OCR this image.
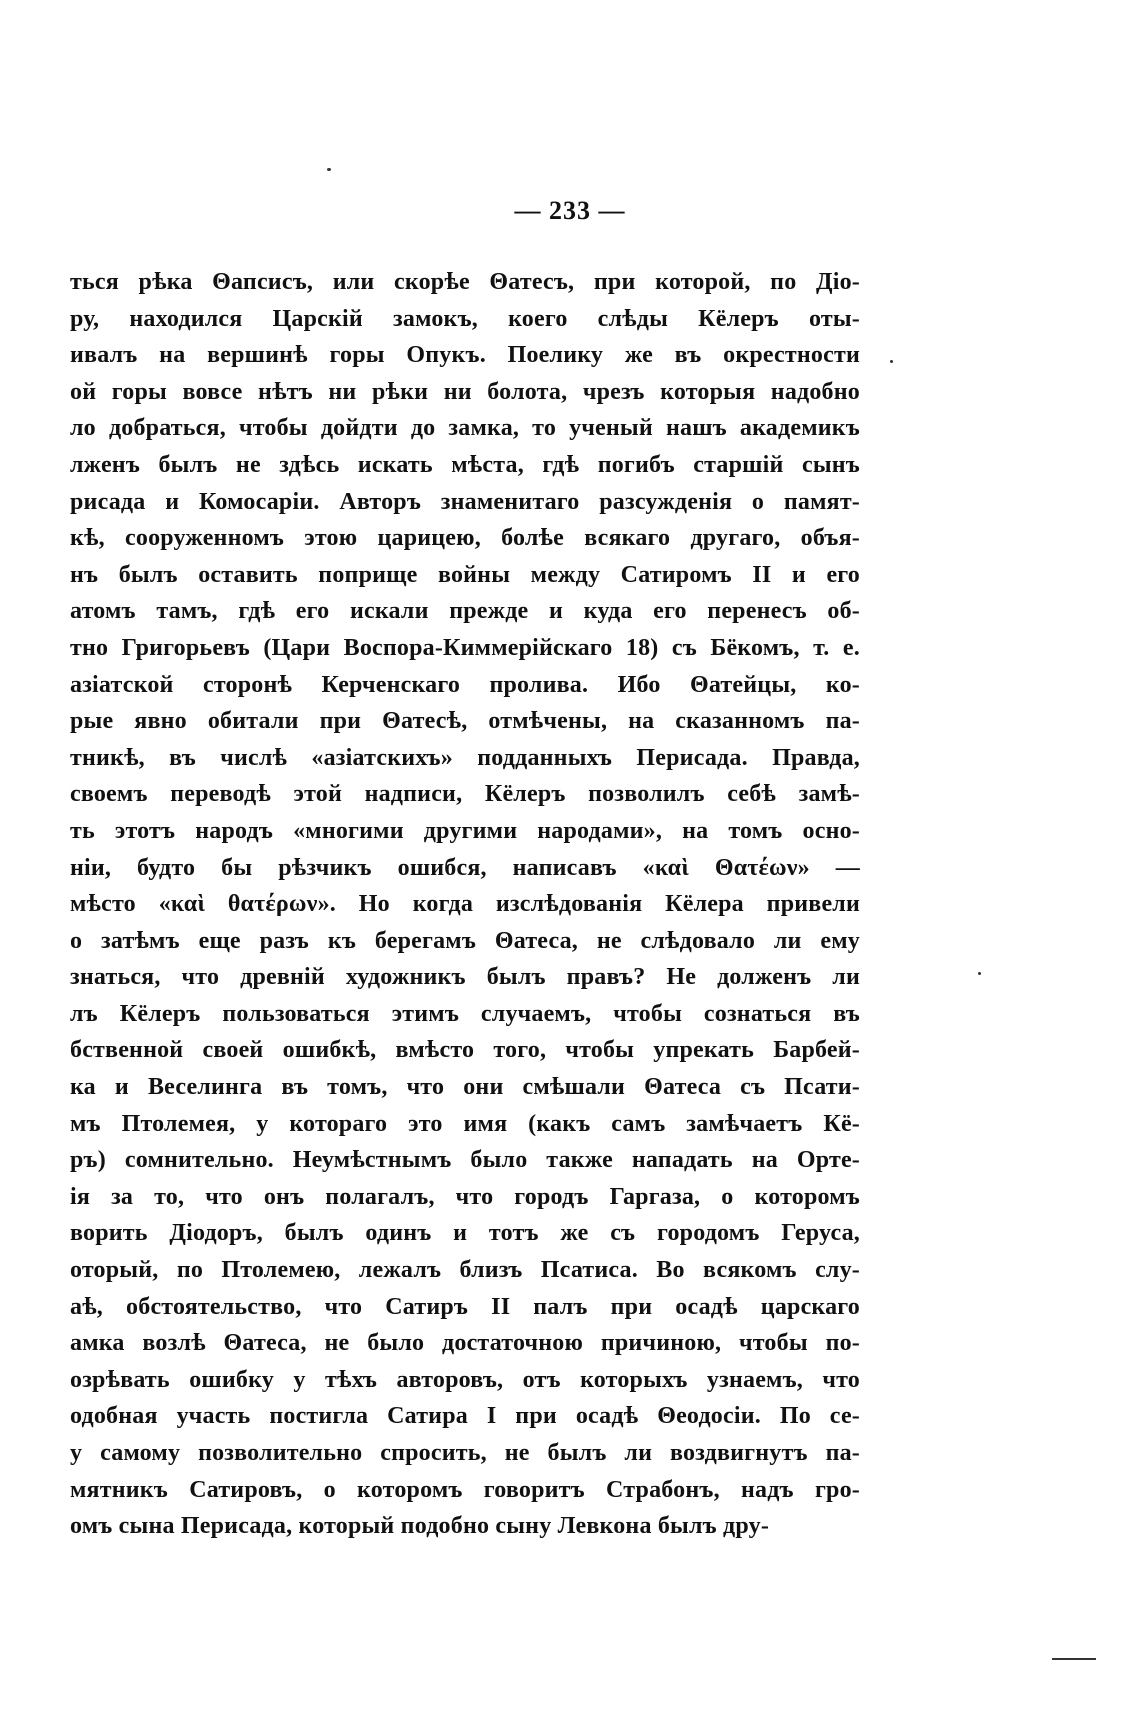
— 233 —
ться рѣка Θапсисъ, или скорѣе Θатесъ, при которой, по Діо-
ру, находился Царскій замокъ, коего слѣды Кёлеръ оты-
ивалъ на вершинѣ горы Опукъ. Поелику же въ окрестности
ой горы вовсе нѣтъ ни рѣки ни болота, чрезъ которыя надобно
ло добраться, чтобы дойдти до замка, то ученый нашъ академикъ
лженъ былъ не здѣсь искать мѣста, гдѣ погибъ старшій сынъ
рисада и Комосаріи. Авторъ знаменитаго разсужденія о памят-
кѣ, сооруженномъ этою царицею, болѣе всякаго другаго, объя-
нъ былъ оставить поприще войны между Сатиромъ II и его
атомъ тамъ, гдѣ его искали прежде и куда его перенесъ об-
тно Григорьевъ (Цари Воспора-Киммерійскаго 18) съ Бёкомъ, т. е.
азіатской сторонѣ Керченскаго пролива. Ибо Θатейцы, ко-
рые явно обитали при Θатесѣ, отмѣчены, на сказанномъ па-
тникѣ, въ числѣ «азіатскихъ» подданныхъ Перисада. Правда,
своемъ переводѣ этой надписи, Кёлеръ позволилъ себѣ замѣ-
ть этотъ народъ «многими другими народами», на томъ осно-
ніи, будто бы рѣзчикъ ошибся, написавъ «καὶ Θατέων» —
мѣсто «καὶ θατέρων». Но когда изслѣдованія Кёлера привели
о затѣмъ еще разъ къ берегамъ Θатеса, не слѣдовало ли ему
знаться, что древній художникъ былъ правъ? Не долженъ ли
лъ Кёлеръ пользоваться этимъ случаемъ, чтобы сознаться въ
бственной своей ошибкѣ, вмѣсто того, чтобы упрекать Барбей-
ка и Веселинга въ томъ, что они смѣшали Θатеса съ Псати-
мъ Птолемея, у котораго это имя (какъ самъ замѣчаетъ Кё-
ръ) сомнительно. Неумѣстнымъ было также нападать на Орте-
ія за то, что онъ полагалъ, что городъ Гаргаза, о которомъ
ворить Діодоръ, былъ одинъ и тотъ же съ городомъ Геруса,
оторый, по Птолемею, лежалъ близъ Псатиса. Во всякомъ слу-
аѣ, обстоятельство, что Сатиръ II палъ при осадѣ царскаго
амка возлѣ Θатеса, не было достаточною причиною, чтобы по-
озрѣвать ошибку у тѣхъ авторовъ, отъ которыхъ узнаемъ, что
одобная участь постигла Сатира I при осадѣ Θеодосіи. По се-
у самому позволительно спросить, не былъ ли воздвигнутъ па-
мятникъ Сатировъ, о которомъ говоритъ Страбонъ, надъ гро-
омъ сына Перисада, который подобно сыну Левкона былъ дру-
